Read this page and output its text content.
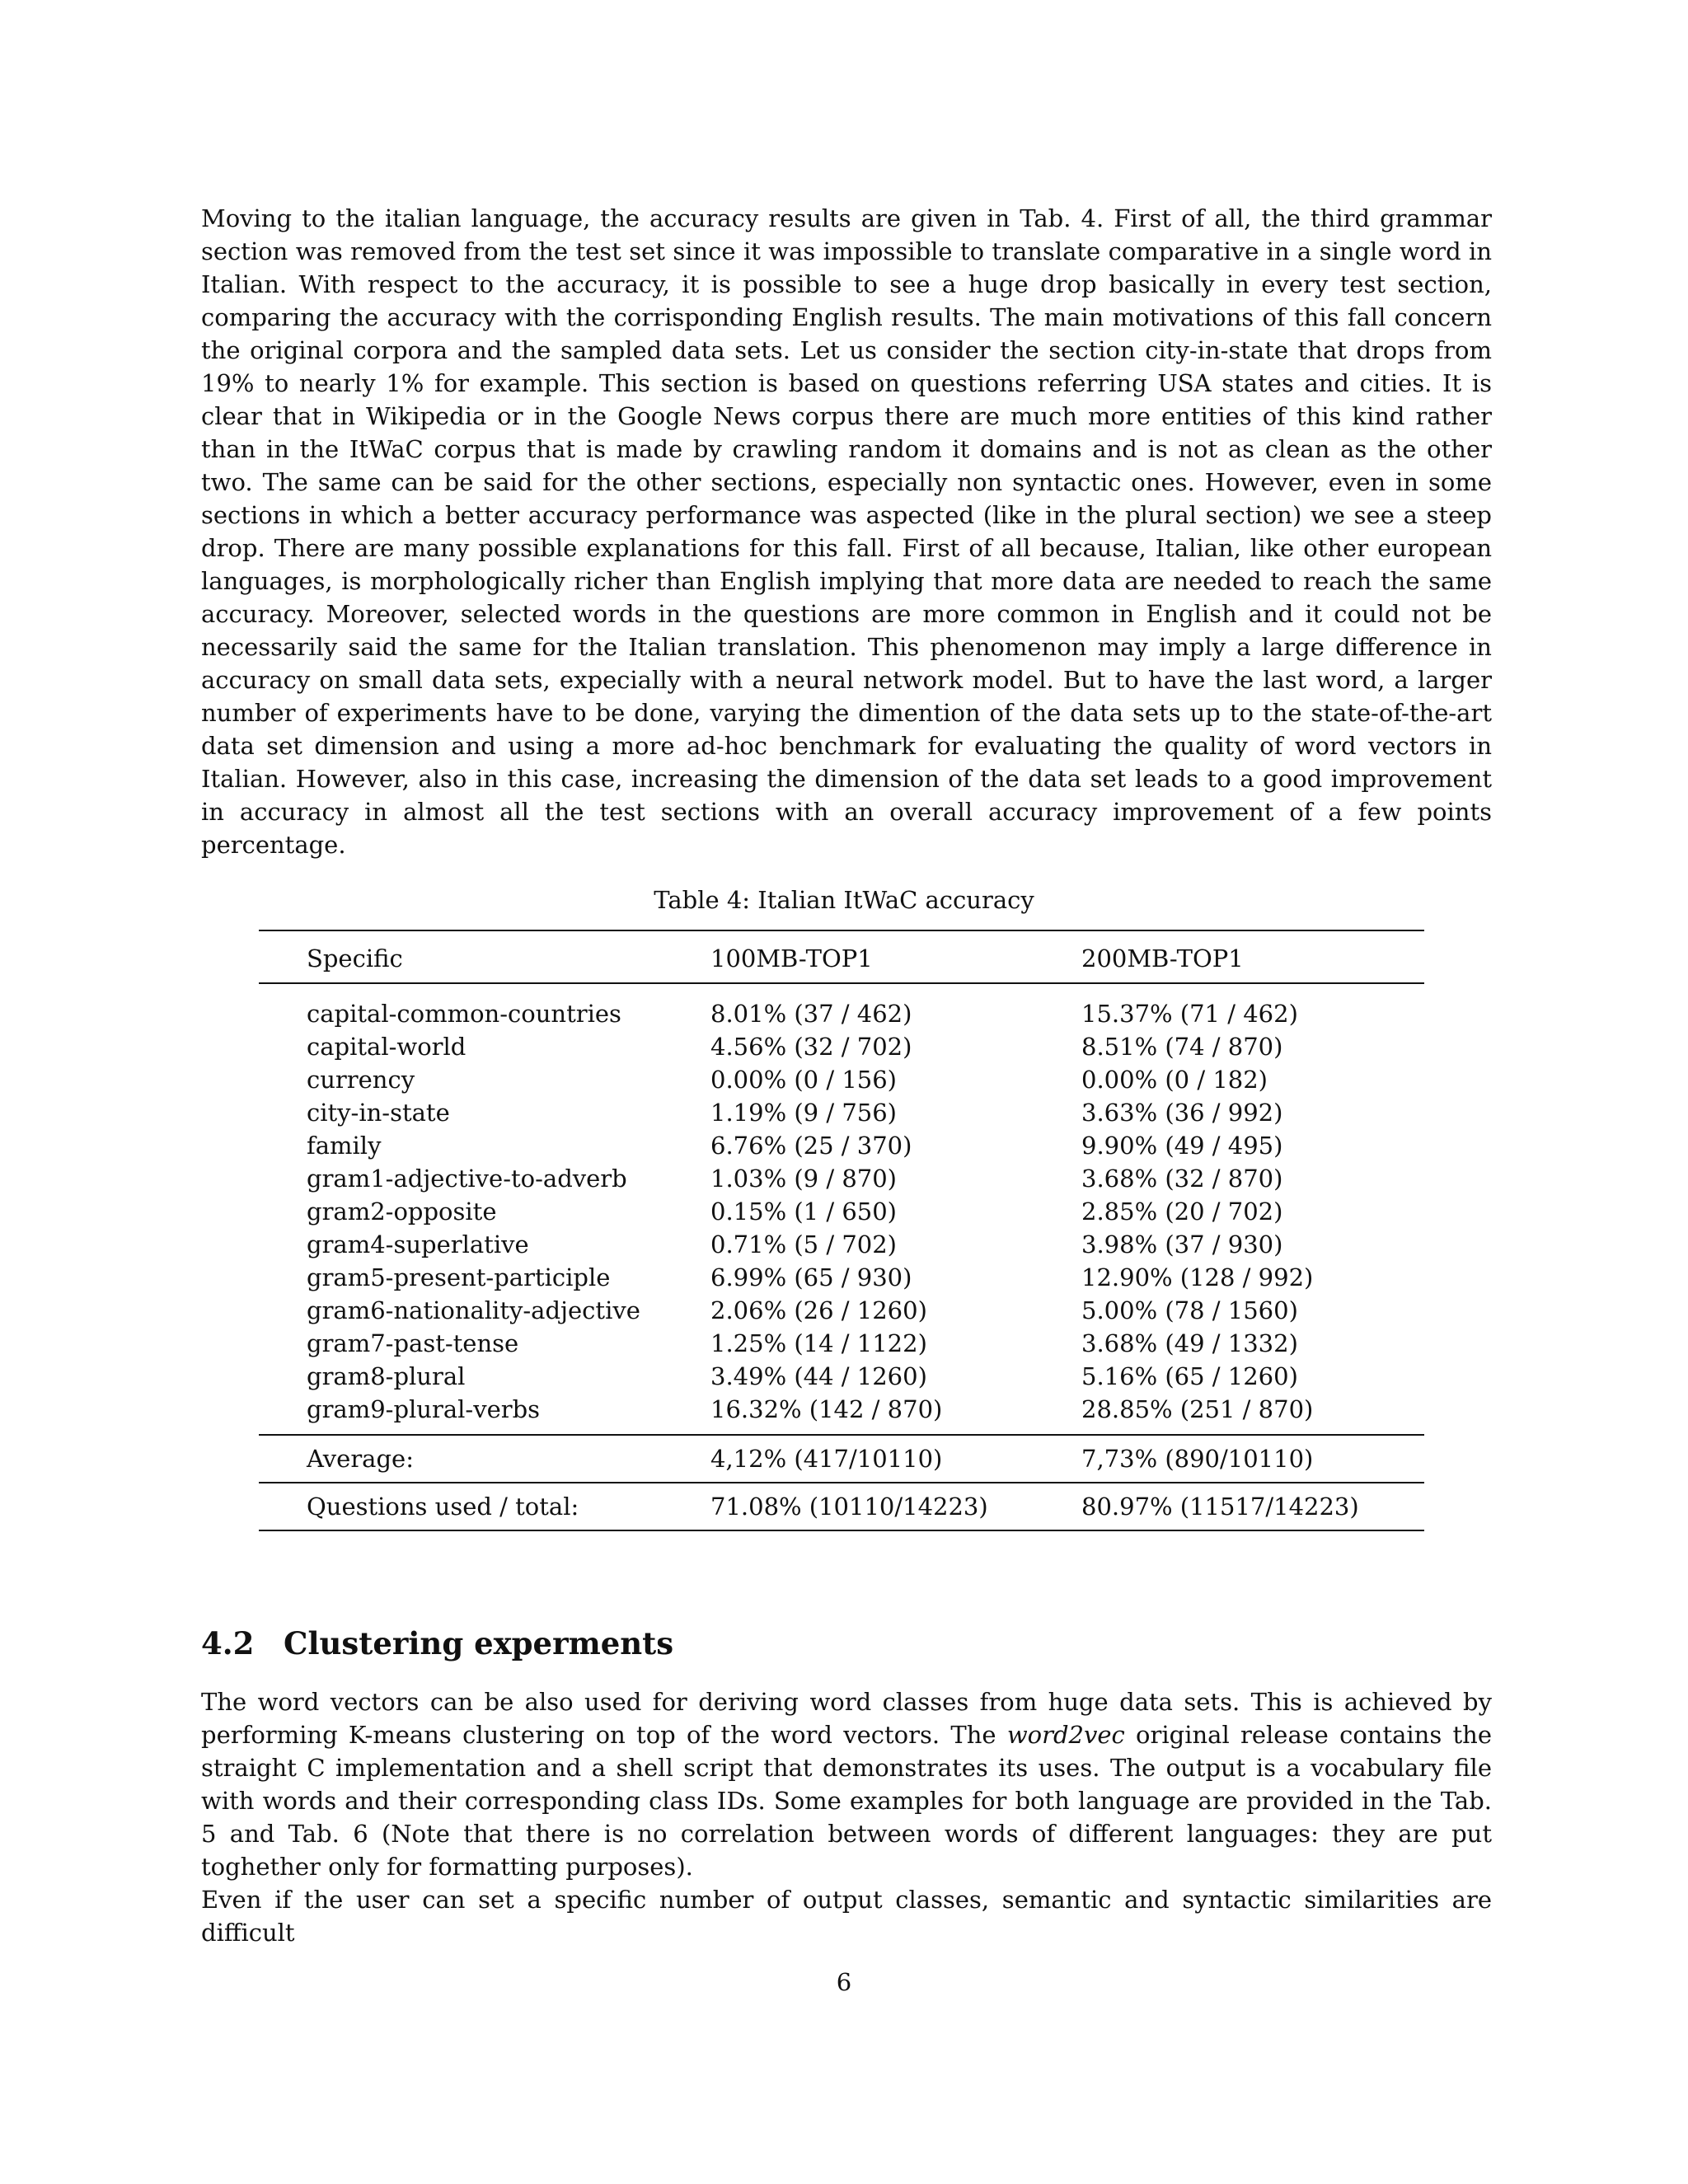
Moving to the italian language, the accuracy results are given in Tab. 4. First of all, the third grammar section was removed from the test set since it was impossible to translate comparative in a single word in Italian. With respect to the accuracy, it is possible to see a huge drop basically in every test section, comparing the accuracy with the corrisponding English results. The main motivations of this fall concern the original corpora and the sampled data sets. Let us consider the section city-in-state that drops from 19% to nearly 1% for example. This section is based on questions referring USA states and cities. It is clear that in Wikipedia or in the Google News corpus there are much more entities of this kind rather than in the ItWaC corpus that is made by crawling random it domains and is not as clean as the other two. The same can be said for the other sections, especially non syntactic ones. However, even in some sections in which a better accuracy performance was aspected (like in the plural section) we see a steep drop. There are many possible explanations for this fall. First of all because, Italian, like other european languages, is morphologically richer than English implying that more data are needed to reach the same accuracy. Moreover, selected words in the questions are more common in English and it could not be necessarily said the same for the Italian translation. This phenomenon may imply a large difference in accuracy on small data sets, expecially with a neural network model. But to have the last word, a larger number of experiments have to be done, varying the dimention of the data sets up to the state-of-the-art data set dimension and using a more ad-hoc benchmark for evaluating the quality of word vectors in Italian. However, also in this case, increasing the dimension of the data set leads to a good improvement in accuracy in almost all the test sections with an overall accuracy improvement of a few points percentage.

Table 4: Italian ItWaC accuracy
Specific	100MB-TOP1	200MB-TOP1
capital-common-countries	8.01% (37 / 462)	15.37% (71 / 462)
capital-world	4.56% (32 / 702)	8.51% (74 / 870)
currency	0.00% (0 / 156)	0.00% (0 / 182)
city-in-state	1.19% (9 / 756)	3.63% (36 / 992)
family	6.76% (25 / 370)	9.90% (49 / 495)
gram1-adjective-to-adverb	1.03% (9 / 870)	3.68% (32 / 870)
gram2-opposite	0.15% (1 / 650)	2.85% (20 / 702)
gram4-superlative	0.71% (5 / 702)	3.98% (37 / 930)
gram5-present-participle	6.99% (65 / 930)	12.90% (128 / 992)
gram6-nationality-adjective	2.06% (26 / 1260)	5.00% (78 / 1560)
gram7-past-tense	1.25% (14 / 1122)	3.68% (49 / 1332)
gram8-plural	3.49% (44 / 1260)	5.16% (65 / 1260)
gram9-plural-verbs	16.32% (142 / 870)	28.85% (251 / 870)
Average:	4,12% (417/10110)	7,73% (890/10110)
Questions used / total:	71.08% (10110/14223)	80.97% (11517/14223)
4.2 Clustering experments
The word vectors can be also used for deriving word classes from huge data sets. This is achieved by performing K-means clustering on top of the word vectors. The word2vec original release contains the straight C implementation and a shell script that demonstrates its uses. The output is a vocabulary file with words and their corresponding class IDs. Some examples for both language are provided in the Tab. 5 and Tab. 6 (Note that there is no correlation between words of different languages: they are put toghether only for formatting purposes).
Even if the user can set a specific number of output classes, semantic and syntactic similarities are difficult
6
